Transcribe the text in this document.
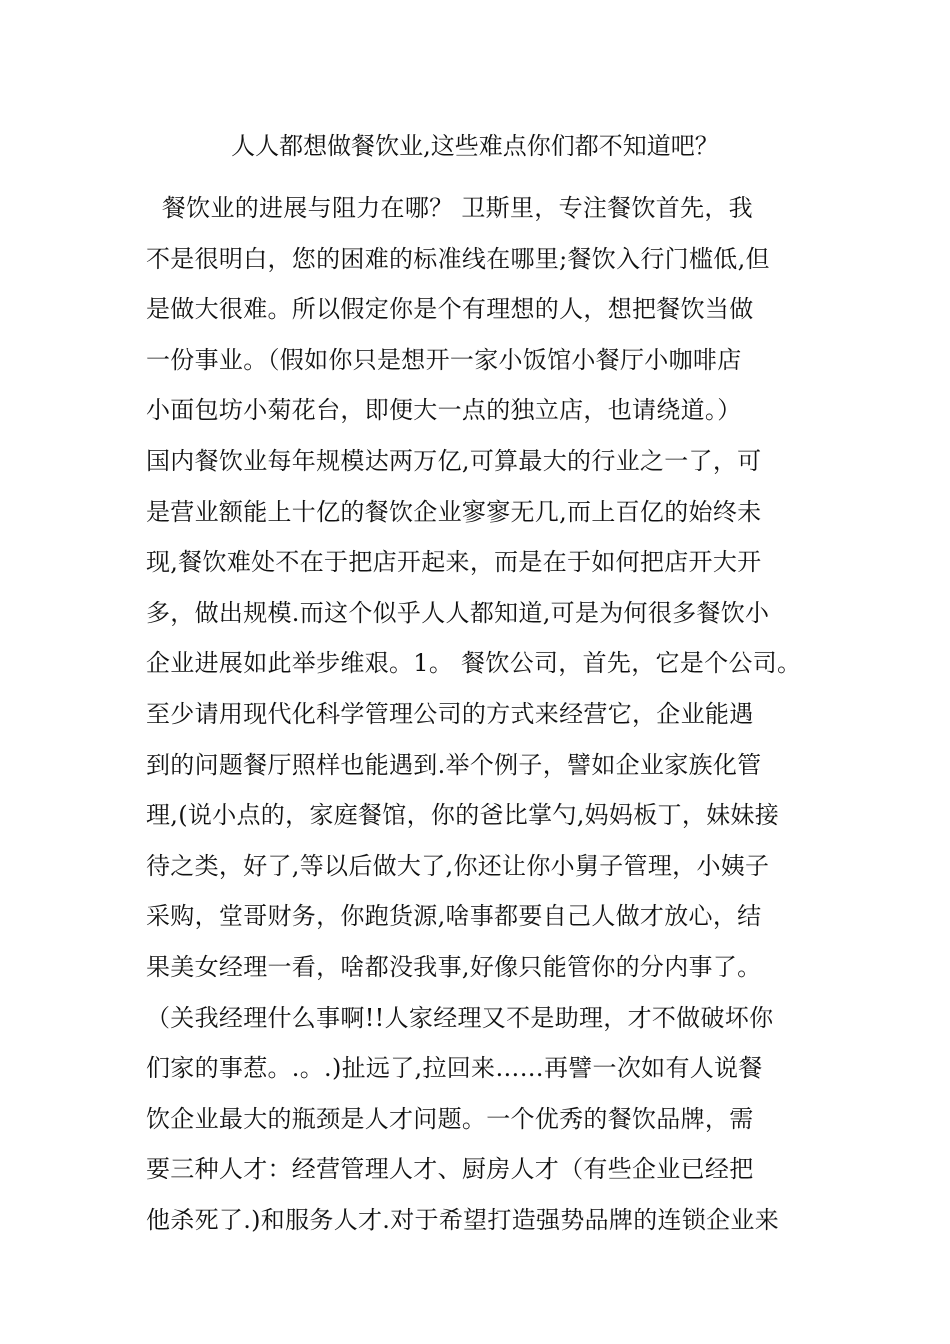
人人都想做餐饮业,这些难点你们都不知道吧？
餐饮业的进展与阻力在哪？ 卫斯里，专注餐饮首先，我
不是很明白，您的困难的标准线在哪里;餐饮入行门槛低,但
是做大很难。所以假定你是个有理想的人，想把餐饮当做
一份事业。（假如你只是想开一家小饭馆小餐厅小咖啡店
小面包坊小菊花台，即便大一点的独立店，也请绕道。）
国内餐饮业每年规模达两万亿,可算最大的行业之一了，可
是营业额能上十亿的餐饮企业寥寥无几,而上百亿的始终未
现,餐饮难处不在于把店开起来，而是在于如何把店开大开
多，做出规模.而这个似乎人人都知道,可是为何很多餐饮小
企业进展如此举步维艰。1。 餐饮公司，首先，它是个公司。
至少请用现代化科学管理公司的方式来经营它，企业能遇
到的问题餐厅照样也能遇到.举个例子，譬如企业家族化管
理,(说小点的，家庭餐馆，你的爸比掌勺,妈妈板丁，妹妹接
待之类，好了,等以后做大了,你还让你小舅子管理，小姨子
采购，堂哥财务，你跑货源,啥事都要自己人做才放心，结
果美女经理一看，啥都没我事,好像只能管你的分内事了。
（关我经理什么事啊!!人家经理又不是助理，才不做破坏你
们家的事惹。.。.)扯远了,拉回来……再譬一次如有人说餐
饮企业最大的瓶颈是人才问题。一个优秀的餐饮品牌，需
要三种人才：经营管理人才、厨房人才（有些企业已经把
他杀死了.)和服务人才.对于希望打造强势品牌的连锁企业来
